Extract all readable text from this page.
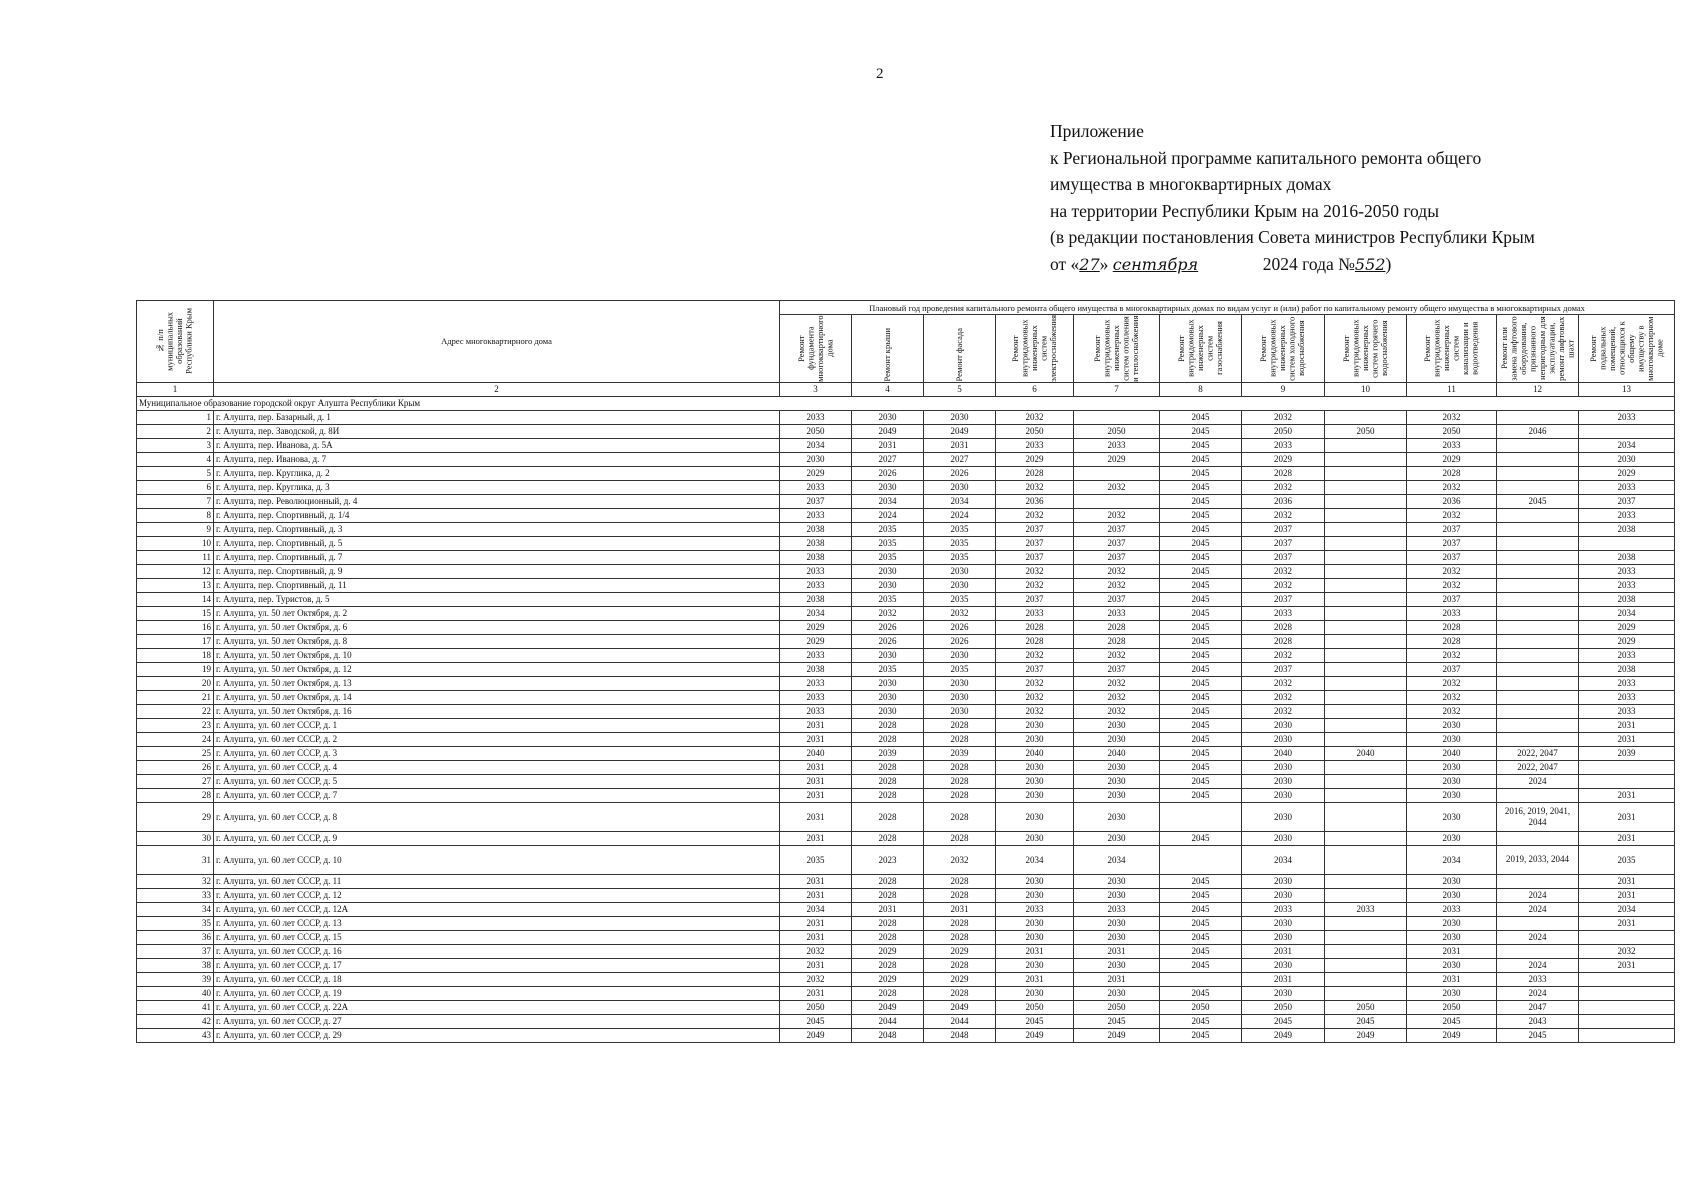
2
Приложение
к Региональной программе капитального ремонта общего
имущества в многоквартирных домах
на территории Республики Крым на 2016-2050 годы
(в редакции постановления Совета министров Республики Крым
от «27» сентября	2024 года №552)
№ п/п муниципальных образований Республики Крым	Адрес многоквартирного дома	Плановый год проведения капитального ремонта общего имущества в многоквартирных домах по видам услуг и (или) работ по капитальному ремонту общего имущества в многоквартирных домах										

		Ремонт фундамента многоквартирного дома	Ремонт крыши	Ремонт фасада	Ремонт внутридомовых инженерных систем электроснабжения	Ремонт внутридомовых инженерных систем отопления и теплоснабжения	Ремонт внутридомовых инженерных систем газоснабжения	Ремонт внутридомовых инженерных систем холодного водоснабжения	Ремонт внутридомовых инженерных систем горячего водоснабжения	Ремонт внутридомовых инженерных систем канализации и водоотведения	Ремонт или замена лифтового оборудования, признанного непригодным для эксплуатации, ремонт лифтовых шахт	Ремонт подвальных помещений, относящихся к общему имуществу в многоквартирном доме

1	2	3	4	5	6	7	8	9	10	11	12	13
Муниципальное образование городской округ Алушта Республики Крым												
1	г. Алушта, пер. Базарный, д. 1	2033	2030	2030	2032		2045	2032		2032		2033
2	г. Алушта, пер. Заводской, д. 8И	2050	2049	2049	2050	2050	2045	2050	2050	2050	2046	
3	г. Алушта, пер. Иванова, д. 5А	2034	2031	2031	2033	2033	2045	2033		2033		2034
4	г. Алушта, пер. Иванова, д. 7	2030	2027	2027	2029	2029	2045	2029		2029		2030
5	г. Алушта, пер. Круглика, д. 2	2029	2026	2026	2028		2045	2028		2028		2029
6	г. Алушта, пер. Круглика, д. 3	2033	2030	2030	2032	2032	2045	2032		2032		2033
7	г. Алушта, пер. Революционный, д. 4	2037	2034	2034	2036		2045	2036		2036	2045	2037
8	г. Алушта, пер. Спортивный, д. 1/4	2033	2024	2024	2032	2032	2045	2032		2032		2033
9	г. Алушта, пер. Спортивный, д. 3	2038	2035	2035	2037	2037	2045	2037		2037		2038
10	г. Алушта, пер. Спортивный, д. 5	2038	2035	2035	2037	2037	2045	2037		2037		
11	г. Алушта, пер. Спортивный, д. 7	2038	2035	2035	2037	2037	2045	2037		2037		2038
12	г. Алушта, пер. Спортивный, д. 9	2033	2030	2030	2032	2032	2045	2032		2032		2033
13	г. Алушта, пер. Спортивный, д. 11	2033	2030	2030	2032	2032	2045	2032		2032		2033
14	г. Алушта, пер. Туристов, д. 5	2038	2035	2035	2037	2037	2045	2037		2037		2038
15	г. Алушта, ул. 50 лет Октября, д. 2	2034	2032	2032	2033	2033	2045	2033		2033		2034
16	г. Алушта, ул. 50 лет Октября, д. 6	2029	2026	2026	2028	2028	2045	2028		2028		2029
17	г. Алушта, ул. 50 лет Октября, д. 8	2029	2026	2026	2028	2028	2045	2028		2028		2029
18	г. Алушта, ул. 50 лет Октября, д. 10	2033	2030	2030	2032	2032	2045	2032		2032		2033
19	г. Алушта, ул. 50 лет Октября, д. 12	2038	2035	2035	2037	2037	2045	2037		2037		2038
20	г. Алушта, ул. 50 лет Октября, д. 13	2033	2030	2030	2032	2032	2045	2032		2032		2033
21	г. Алушта, ул. 50 лет Октября, д. 14	2033	2030	2030	2032	2032	2045	2032		2032		2033
22	г. Алушта, ул. 50 лет Октября, д. 16	2033	2030	2030	2032	2032	2045	2032		2032		2033
23	г. Алушта, ул. 60 лет СССР, д. 1	2031	2028	2028	2030	2030	2045	2030		2030		2031
24	г. Алушта, ул. 60 лет СССР, д. 2	2031	2028	2028	2030	2030	2045	2030		2030		2031
25	г. Алушта, ул. 60 лет СССР, д. 3	2040	2039	2039	2040	2040	2045	2040	2040	2040	2022, 2047	2039
26	г. Алушта, ул. 60 лет СССР, д. 4	2031	2028	2028	2030	2030	2045	2030		2030	2022, 2047	
27	г. Алушта, ул. 60 лет СССР, д. 5	2031	2028	2028	2030	2030	2045	2030		2030	2024	
28	г. Алушта, ул. 60 лет СССР, д. 7	2031	2028	2028	2030	2030	2045	2030		2030		2031
29	г. Алушта, ул. 60 лет СССР, д. 8	2031	2028	2028	2030	2030		2030		2030	2016, 2019, 2041, 2044	2031
30	г. Алушта, ул. 60 лет СССР, д. 9	2031	2028	2028	2030	2030	2045	2030		2030		2031
31	г. Алушта, ул. 60 лет СССР, д. 10	2035	2023	2032	2034	2034		2034		2034	2019, 2033, 2044	2035
32	г. Алушта, ул. 60 лет СССР, д. 11	2031	2028	2028	2030	2030	2045	2030		2030		2031
33	г. Алушта, ул. 60 лет СССР, д. 12	2031	2028	2028	2030	2030	2045	2030		2030	2024	2031
34	г. Алушта, ул. 60 лет СССР, д. 12А	2034	2031	2031	2033	2033	2045	2033	2033	2033	2024	2034
35	г. Алушта, ул. 60 лет СССР, д. 13	2031	2028	2028	2030	2030	2045	2030		2030		2031
36	г. Алушта, ул. 60 лет СССР, д. 15	2031	2028	2028	2030	2030	2045	2030		2030	2024	
37	г. Алушта, ул. 60 лет СССР, д. 16	2032	2029	2029	2031	2031	2045	2031		2031		2032
38	г. Алушта, ул. 60 лет СССР, д. 17	2031	2028	2028	2030	2030	2045	2030		2030	2024	2031
39	г. Алушта, ул. 60 лет СССР, д. 18	2032	2029	2029	2031	2031		2031		2031	2033	
40	г. Алушта, ул. 60 лет СССР, д. 19	2031	2028	2028	2030	2030	2045	2030		2030	2024	
41	г. Алушта, ул. 60 лет СССР, д. 22А	2050	2049	2049	2050	2050	2050	2050	2050	2050	2047	
42	г. Алушта, ул. 60 лет СССР, д. 27	2045	2044	2044	2045	2045	2045	2045	2045	2045	2043	
43	г. Алушта, ул. 60 лет СССР, д. 29	2049	2048	2048	2049	2049	2045	2049	2049	2049	2045	
